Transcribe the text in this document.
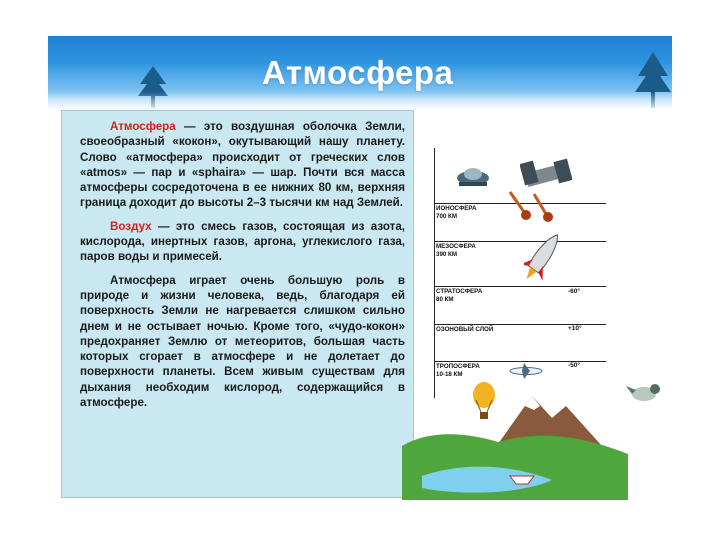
Атмосфера

Атмосфера — это воздушная оболочка Земли, своеобразный «кокон», окутывающий нашу планету. Слово «атмосфера» происходит от греческих слов «atmos» — пар и «sphaira» — шар. Почти вся масса атмосферы сосредоточена в ее нижних 80 км, верхняя граница доходит до высоты 2–3 тысячи км над Землей.

Воздух — это смесь газов, состоящая из азота, кислорода, инертных газов, аргона, углекислого газа, паров воды и примесей.

Атмосфера играет очень большую роль в природе и жизни человека, ведь, благодаря ей поверхность Земли не нагревается слишком сильно днем и не остывает ночью. Кроме того, «чудо-кокон» предохраняет Землю от метеоритов, большая часть которых сгорает в атмосфере и не долетает до поверхности планеты. Всем живым существам для дыхания необходим кислород, содержащийся в атмосфере.

ИОНОСФЕРА
700 КМ
МЕЗОСФЕРА
390 КМ
СТРАТОСФЕРА
80 КМ
-60°
ОЗОНОВЫЙ СЛОЙ	+10°
ТРОПОСФЕРА
10-18 КМ
-50°
